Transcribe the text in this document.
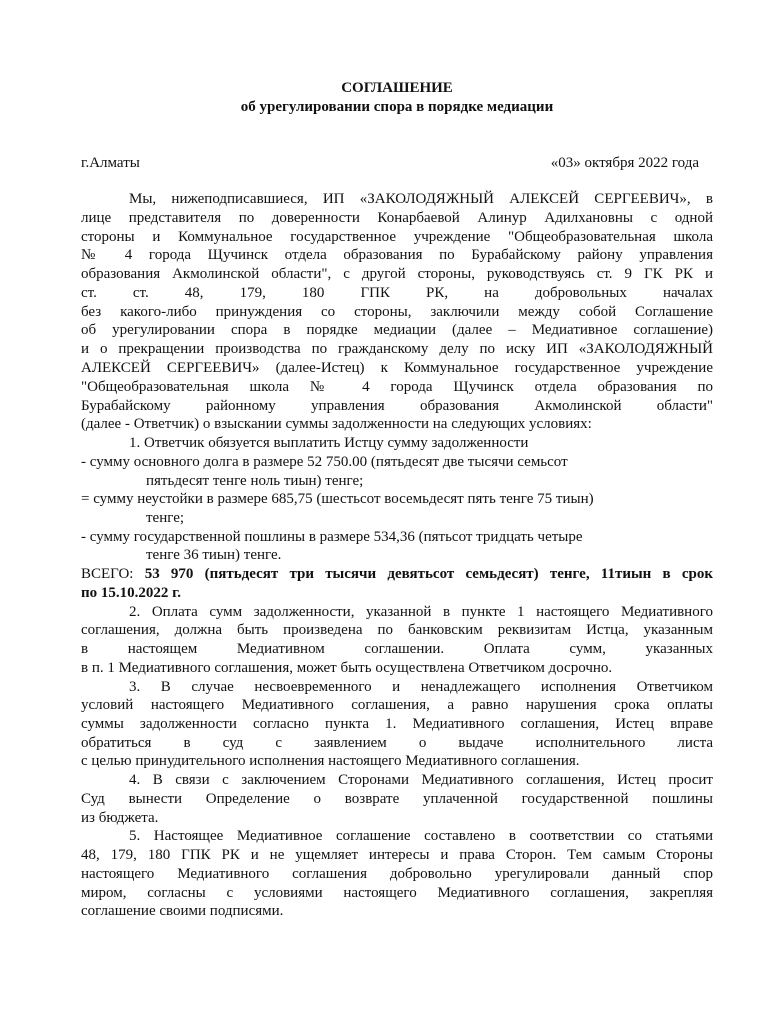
СОГЛАШЕНИЕ
об урегулировании спора в порядке медиации
г.Алматы	«03» октября 2022 года
Мы, нижеподписавшиеся, ИП «ЗАКОЛОДЯЖНЫЙ АЛЕКСЕЙ СЕРГЕЕВИЧ», в
лице представителя по доверенности Конарбаевой Алинур Адилхановны с одной
стороны и Коммунальное государственное учреждение "Общеобразовательная школа
№ 4 города Щучинск отдела образования по Бурабайскому району управления
образования Акмолинской области", с другой стороны, руководствуясь ст. 9 ГК РК и
ст. ст. 48, 179, 180 ГПК РК, на добровольных началах
без какого-либо принуждения со стороны, заключили между собой Соглашение
об урегулировании спора в порядке медиации (далее – Медиативное соглашение)
и о прекращении производства по гражданскому делу по иску ИП «ЗАКОЛОДЯЖНЫЙ
АЛЕКСЕЙ СЕРГЕЕВИЧ» (далее-Истец) к Коммунальное государственное учреждение
"Общеобразовательная школа № 4 города Щучинск отдела образования по
Бурабайскому районному управления образования Акмолинской области"
(далее - Ответчик) о взыскании суммы задолженности на следующих условиях:
1. Ответчик обязуется выплатить Истцу сумму задолженности
- сумму основного долга в размере 52 750.00 (пятьдесят две тысячи семьсот
пятьдесят тенге ноль тиын) тенге;
= сумму неустойки в размере 685,75 (шестьсот восемьдесят пять тенге 75 тиын)
тенге;
- сумму государственной пошлины в размере 534,36 (пятьсот тридцать четыре
тенге 36 тиын) тенге.
ВСЕГО: 53 970 (пятьдесят три тысячи девятьсот семьдесят) тенге, 11тиын в срок
по 15.10.2022 г.
2. Оплата сумм задолженности, указанной в пункте 1 настоящего Медиативного
соглашения, должна быть произведена по банковским реквизитам Истца, указанным
в настоящем Медиативном соглашении. Оплата сумм, указанных
в п. 1 Медиативного соглашения, может быть осуществлена Ответчиком досрочно.
3. В случае несвоевременного и ненадлежащего исполнения Ответчиком
условий настоящего Медиативного соглашения, а равно нарушения срока оплаты
суммы задолженности согласно пункта 1. Медиативного соглашения, Истец вправе
обратиться в суд с заявлением о выдаче исполнительного листа
с целью принудительного исполнения настоящего Медиативного соглашения.
4. В связи с заключением Сторонами Медиативного соглашения, Истец просит
Суд вынести Определение о возврате уплаченной государственной пошлины
из бюджета.
5. Настоящее Медиативное соглашение составлено в соответствии со статьями
48, 179, 180 ГПК РК и не ущемляет интересы и права Сторон. Тем самым Стороны
настоящего Медиативного соглашения добровольно урегулировали данный спор
миром, согласны с условиями настоящего Медиативного соглашения, закрепляя
соглашение своими подписями.
